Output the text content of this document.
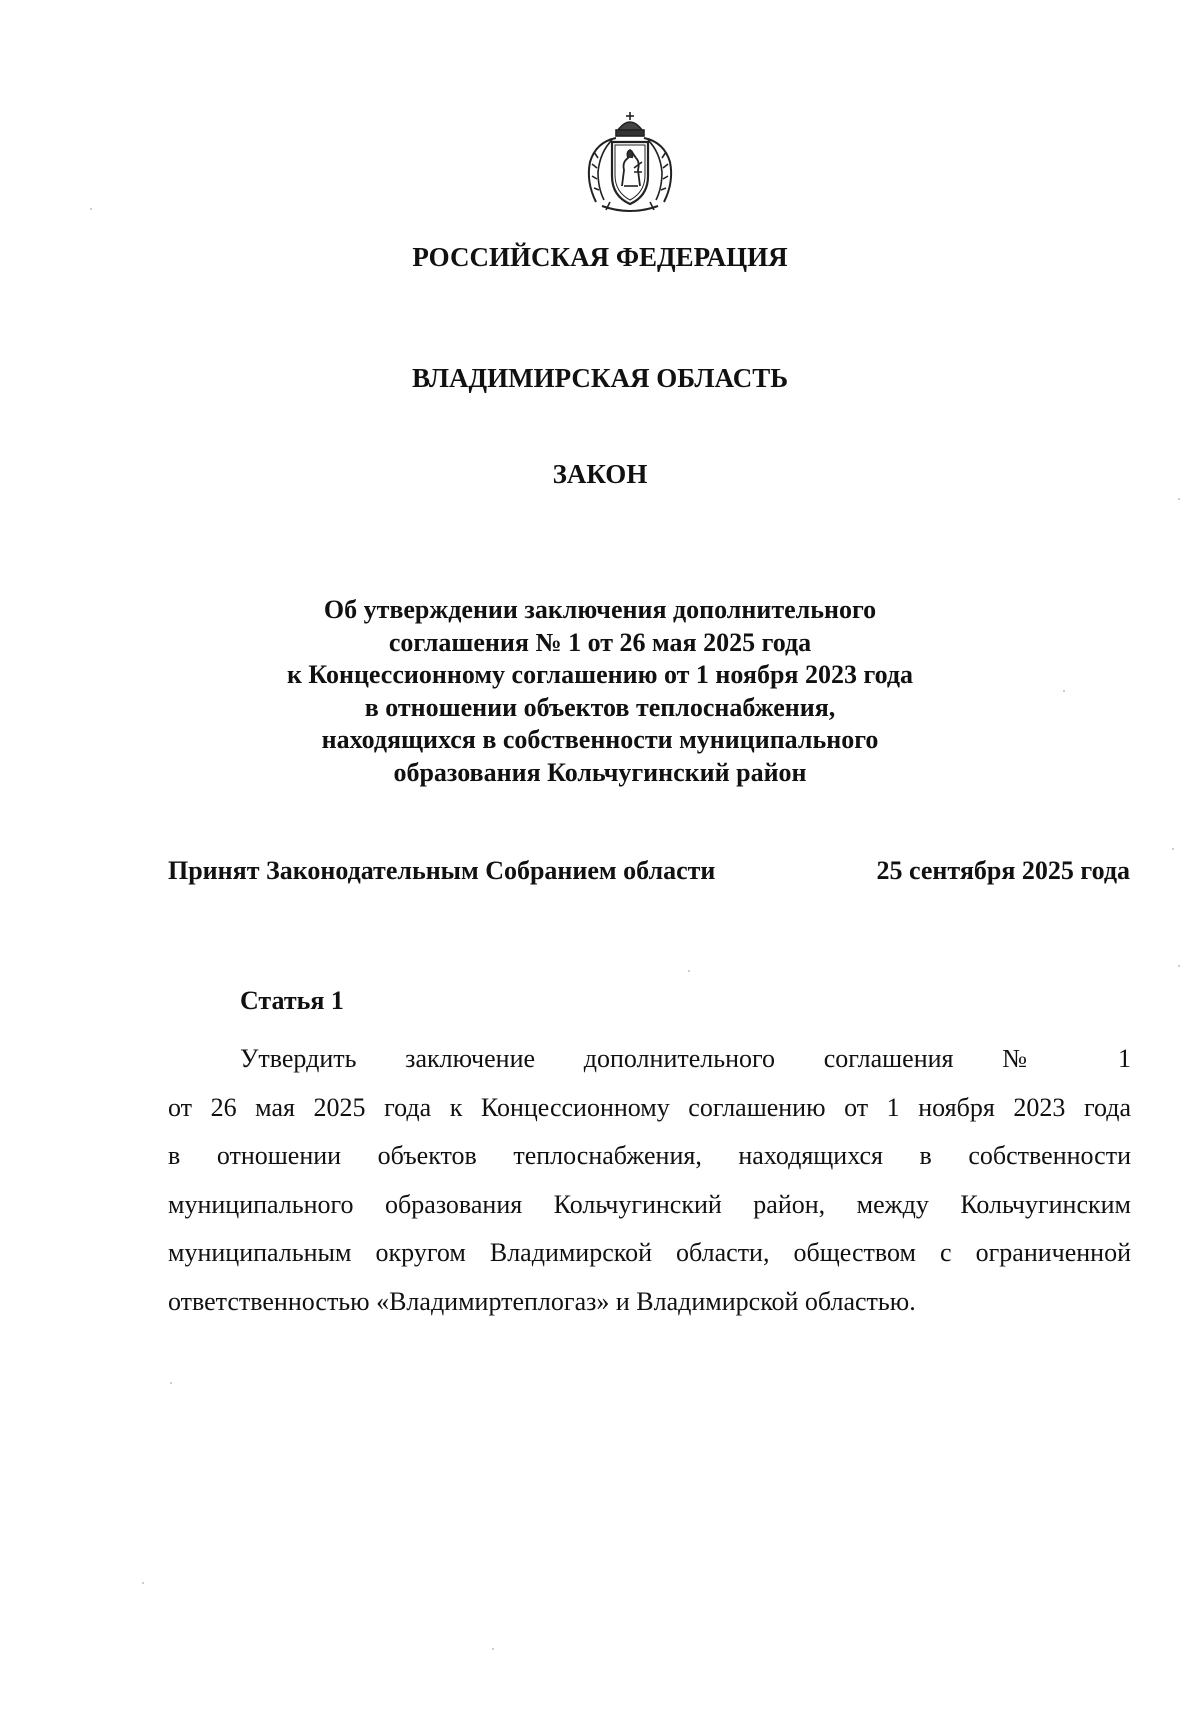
РОССИЙСКАЯ ФЕДЕРАЦИЯ
ВЛАДИМИРСКАЯ ОБЛАСТЬ
ЗАКОН
Об утверждении заключения дополнительного
соглашения № 1 от 26 мая 2025 года
к Концессионному соглашению от 1 ноября 2023 года
в отношении объектов теплоснабжения,
находящихся в собственности муниципального
образования Кольчугинский район
Принят Законодательным Собранием области	25 сентября 2025 года
Статья 1
Утвердить заключение дополнительного соглашения № 1
от 26 мая 2025 года к Концессионному соглашению от 1 ноября 2023 года
в отношении объектов теплоснабжения, находящихся в собственности
муниципального образования Кольчугинский район, между Кольчугинским
муниципальным округом Владимирской области, обществом с ограниченной
ответственностью «Владимиртеплогаз» и Владимирской областью.
